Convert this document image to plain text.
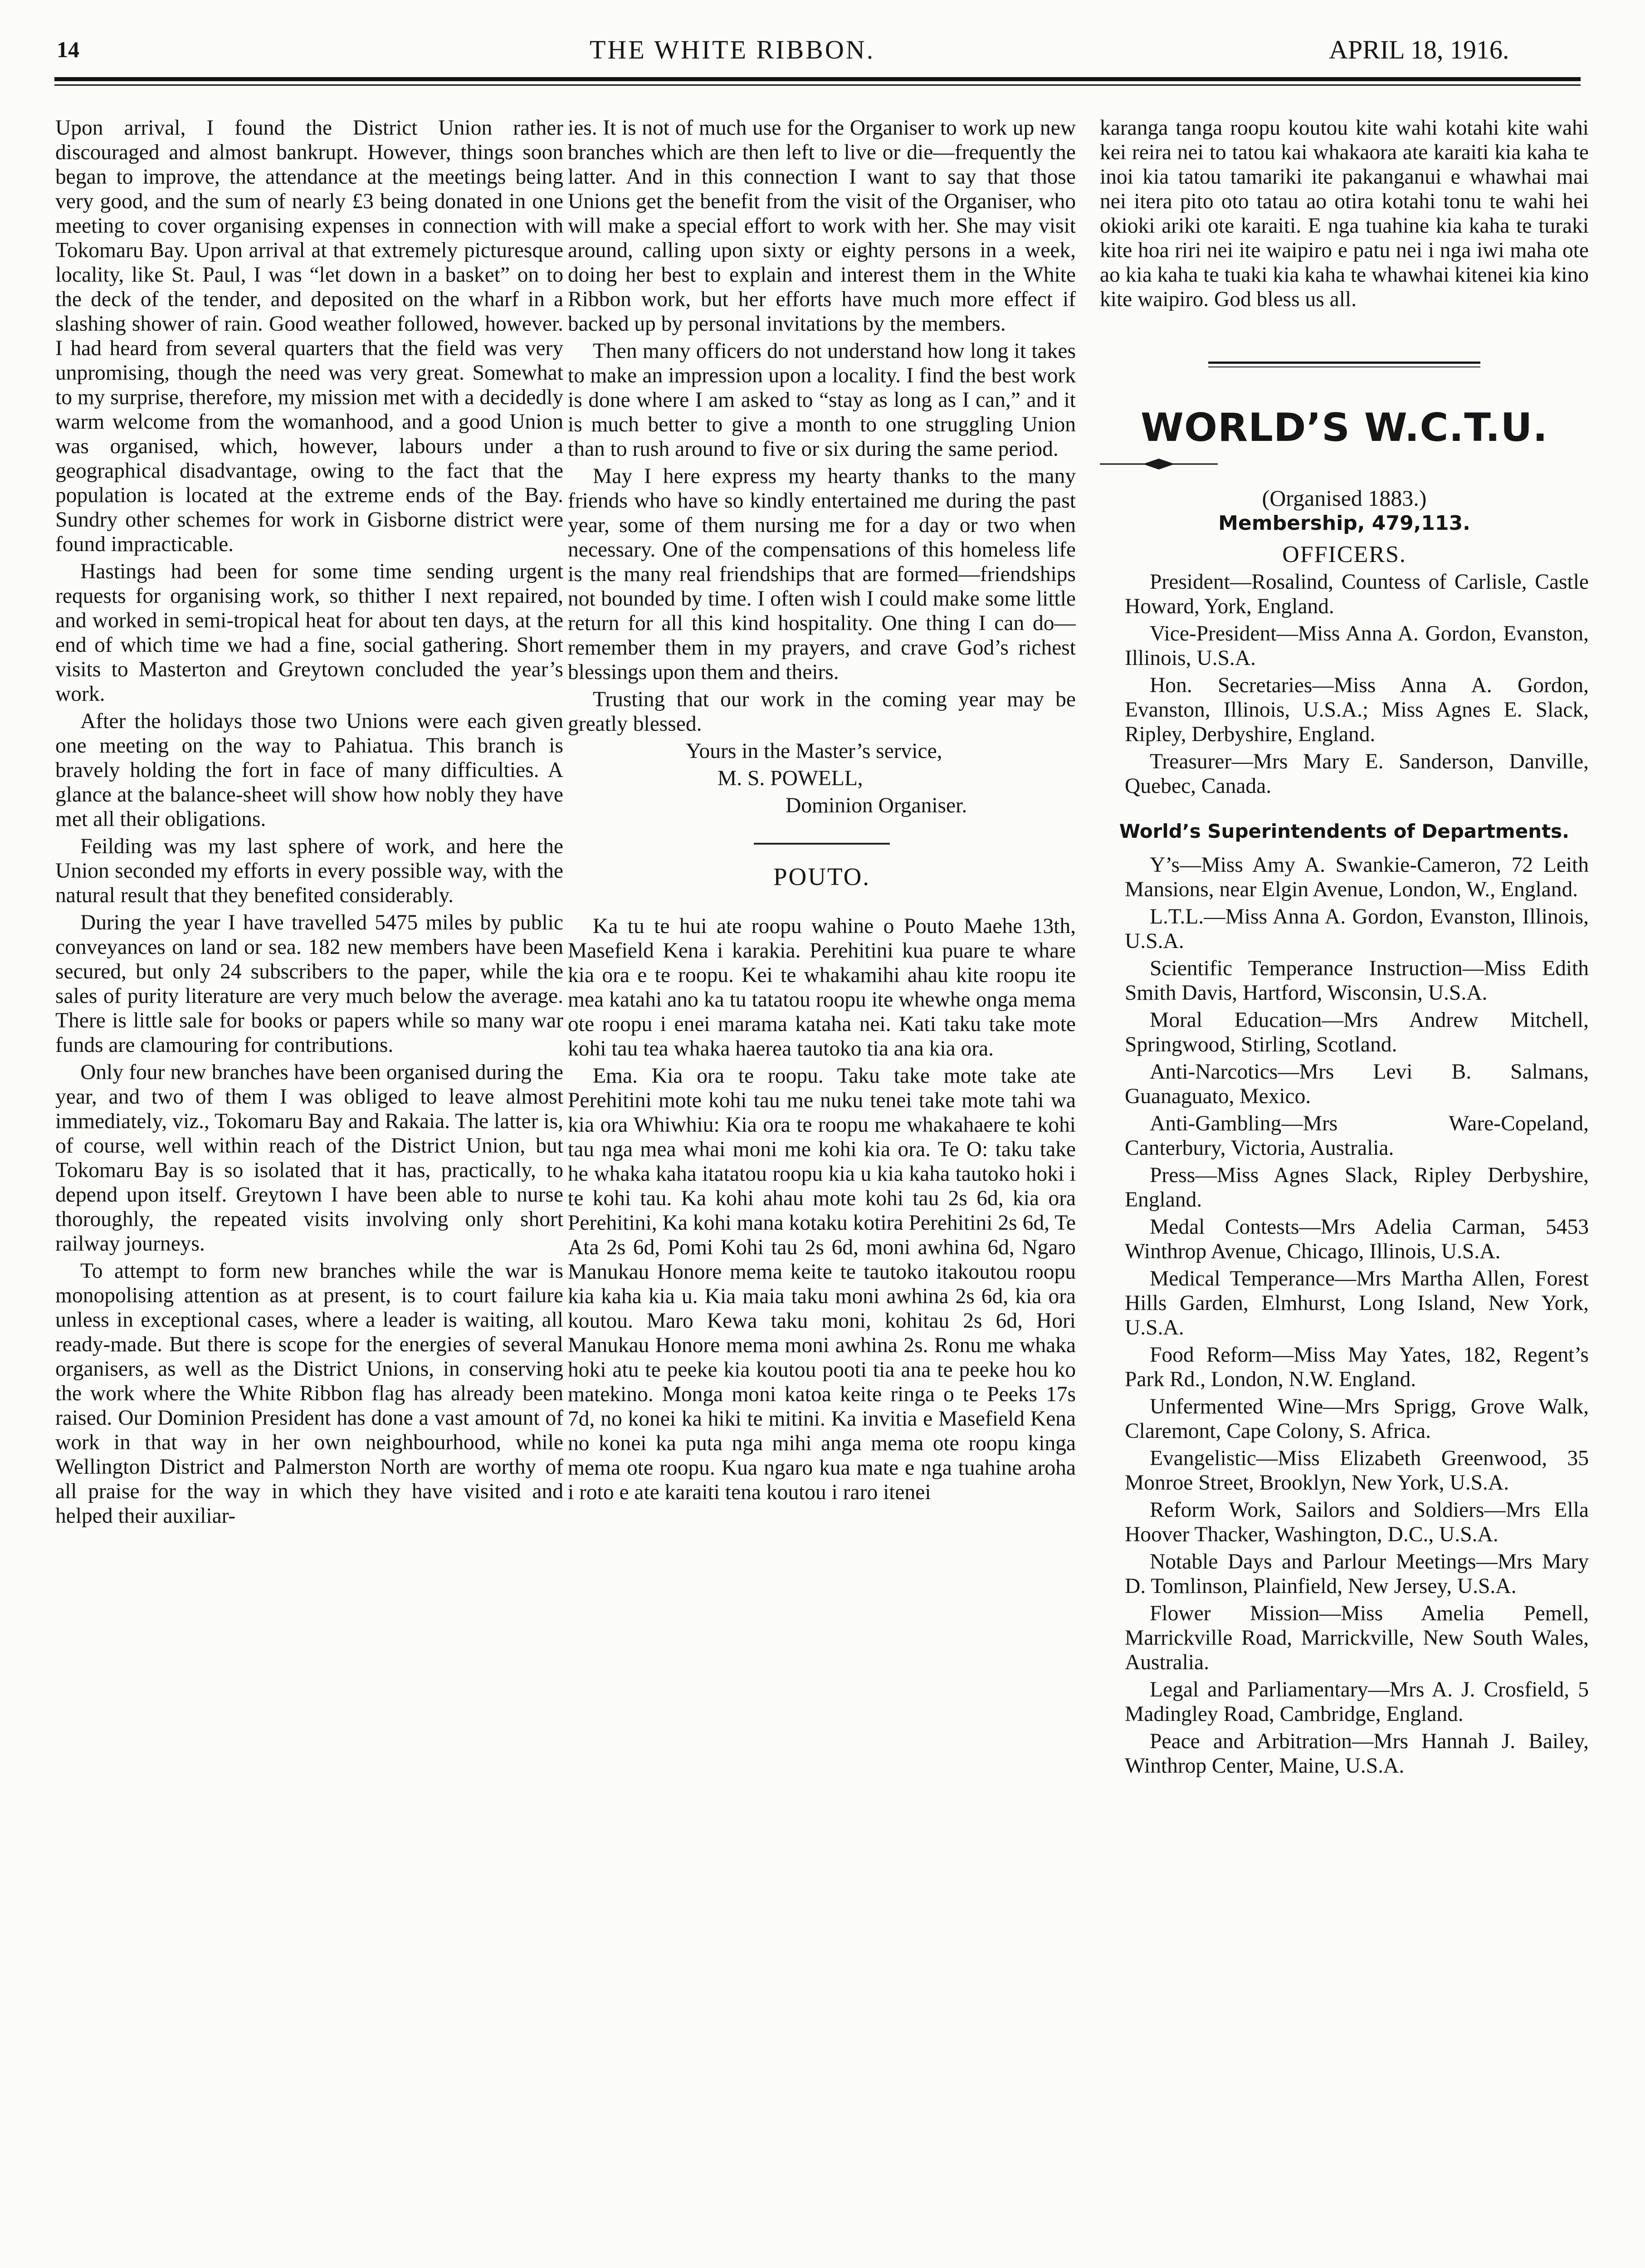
14	THE WHITE RIBBON.	APRIL 18, 1916.

Upon arrival, I found the District Union rather discouraged and almost bankrupt. However, things soon began to improve, the attendance at the meetings being very good, and the sum of nearly £3 being donated in one meeting to cover organising expenses in connection with Tokomaru Bay. Upon arrival at that extremely picturesque locality, like St. Paul, I was “let down in a basket” on to the deck of the tender, and deposited on the wharf in a slashing shower of rain. Good weather followed, however. I had heard from several quarters that the field was very unpromising, though the need was very great. Somewhat to my surprise, therefore, my mission met with a decidedly warm welcome from the womanhood, and a good Union was organised, which, however, labours under a geographical disadvantage, owing to the fact that the population is located at the extreme ends of the Bay. Sundry other schemes for work in Gisborne district were found impracticable.

Hastings had been for some time sending urgent requests for organising work, so thither I next repaired, and worked in semi-tropical heat for about ten days, at the end of which time we had a fine, social gathering. Short visits to Masterton and Greytown concluded the year’s work.

After the holidays those two Unions were each given one meeting on the way to Pahiatua. This branch is bravely holding the fort in face of many difficulties. A glance at the balance-sheet will show how nobly they have met all their obligations.

Feilding was my last sphere of work, and here the Union seconded my efforts in every possible way, with the natural result that they benefited considerably.

During the year I have travelled 5475 miles by public conveyances on land or sea. 182 new members have been secured, but only 24 subscribers to the paper, while the sales of purity literature are very much below the average. There is little sale for books or papers while so many war funds are clamouring for contributions.

Only four new branches have been organised during the year, and two of them I was obliged to leave almost immediately, viz., Tokomaru Bay and Rakaia. The latter is, of course, well within reach of the District Union, but Tokomaru Bay is so isolated that it has, practically, to depend upon itself. Greytown I have been able to nurse thoroughly, the repeated visits involving only short railway journeys.

To attempt to form new branches while the war is monopolising attention as at present, is to court failure unless in exceptional cases, where a leader is waiting, all ready-made. But there is scope for the energies of several organisers, as well as the District Unions, in conserving the work where the White Ribbon flag has already been raised. Our Dominion President has done a vast amount of work in that way in her own neighbourhood, while Wellington District and Palmerston North are worthy of all praise for the way in which they have visited and helped their auxiliar-

ies. It is not of much use for the Organiser to work up new branches which are then left to live or die—frequently the latter. And in this connection I want to say that those Unions get the benefit from the visit of the Organiser, who will make a special effort to work with her. She may visit around, calling upon sixty or eighty persons in a week, doing her best to explain and interest them in the White Ribbon work, but her efforts have much more effect if backed up by personal invitations by the members.

Then many officers do not understand how long it takes to make an impression upon a locality. I find the best work is done where I am asked to “stay as long as I can,” and it is much better to give a month to one struggling Union than to rush around to five or six during the same period.

May I here express my hearty thanks to the many friends who have so kindly entertained me during the past year, some of them nursing me for a day or two when necessary. One of the compensations of this homeless life is the many real friendships that are formed—friendships not bounded by time. I often wish I could make some little return for all this kind hospitality. One thing I can do—remember them in my prayers, and crave God’s richest blessings upon them and theirs.

Trusting that our work in the coming year may be greatly blessed.

Yours in the Master’s service,

M. S. POWELL,

Dominion Organiser.

POUTO.

Ka tu te hui ate roopu wahine o Pouto Maehe 13th, Masefield Kena i karakia. Perehitini kua puare te whare kia ora e te roopu. Kei te whakamihi ahau kite roopu ite mea katahi ano ka tu tatatou roopu ite whewhe onga mema ote roopu i enei marama kataha nei. Kati taku take mote kohi tau tea whaka haerea tautoko tia ana kia ora.

Ema. Kia ora te roopu. Taku take mote take ate Perehitini mote kohi tau me nuku tenei take mote tahi wa kia ora Whiwhiu: Kia ora te roopu me whakahaere te kohi tau nga mea whai moni me kohi kia ora. Te O: taku take he whaka kaha itatatou roopu kia u kia kaha tautoko hoki i te kohi tau. Ka kohi ahau mote kohi tau 2s 6d, kia ora Perehitini, Ka kohi mana kotaku kotira Perehitini 2s 6d, Te Ata 2s 6d, Pomi Kohi tau 2s 6d, moni awhina 6d, Ngaro Manukau Honore mema keite te tautoko itakoutou roopu kia kaha kia u. Kia maia taku moni awhina 2s 6d, kia ora koutou. Maro Kewa taku moni, kohitau 2s 6d, Hori Manukau Honore mema moni awhina 2s. Ronu me whaka hoki atu te peeke kia koutou pooti tia ana te peeke hou ko matekino. Monga moni katoa keite ringa o te Peeks 17s 7d, no konei ka hiki te mitini. Ka invitia e Masefield Kena no konei ka puta nga mihi anga mema ote roopu kinga mema ote roopu. Kua ngaro kua mate e nga tuahine aroha i roto e ate karaiti tena koutou i raro itenei

karanga tanga roopu koutou kite wahi kotahi kite wahi kei reira nei to tatou kai whakaora ate karaiti kia kaha te inoi kia tatou tamariki ite pakanganui e whawhai mai nei itera pito oto tatau ao otira kotahi tonu te wahi hei okioki ariki ote karaiti. E nga tuahine kia kaha te turaki kite hoa riri nei ite waipiro e patu nei i nga iwi maha ote ao kia kaha te tuaki kia kaha te whawhai kitenei kia kino kite waipiro. God bless us all.

WORLD’S W.C.T.U.
(Organised 1883.)
Membership, 479,113.
OFFICERS.

President—Rosalind, Countess of Carlisle, Castle Howard, York, England.

Vice-President—Miss Anna A. Gordon, Evanston, Illinois, U.S.A.

Hon. Secretaries—Miss Anna A. Gordon, Evanston, Illinois, U.S.A.; Miss Agnes E. Slack, Ripley, Derbyshire, England.

Treasurer—Mrs Mary E. Sanderson, Danville, Quebec, Canada.

World’s Superintendents of Departments.

Y’s—Miss Amy A. Swankie-Cameron, 72 Leith Mansions, near Elgin Avenue, London, W., England.

L.T.L.—Miss Anna A. Gordon, Evanston, Illinois, U.S.A.

Scientific Temperance Instruction—Miss Edith Smith Davis, Hartford, Wisconsin, U.S.A.

Moral Education—Mrs Andrew Mitchell, Springwood, Stirling, Scotland.

Anti-Narcotics—Mrs Levi B. Salmans, Guanaguato, Mexico.

Anti-Gambling—Mrs Ware-Copeland, Canterbury, Victoria, Australia.

Press—Miss Agnes Slack, Ripley Derbyshire, England.

Medal Contests—Mrs Adelia Carman, 5453 Winthrop Avenue, Chicago, Illinois, U.S.A.

Medical Temperance—Mrs Martha Allen, Forest Hills Garden, Elmhurst, Long Island, New York, U.S.A.

Food Reform—Miss May Yates, 182, Regent’s Park Rd., London, N.W. England.

Unfermented Wine—Mrs Sprigg, Grove Walk, Claremont, Cape Colony, S. Africa.

Evangelistic—Miss Elizabeth Greenwood, 35 Monroe Street, Brooklyn, New York, U.S.A.

Reform Work, Sailors and Soldiers—Mrs Ella Hoover Thacker, Washington, D.C., U.S.A.

Notable Days and Parlour Meetings—Mrs Mary D. Tomlinson, Plainfield, New Jersey, U.S.A.

Flower Mission—Miss Amelia Pemell, Marrickville Road, Marrickville, New South Wales, Australia.

Legal and Parliamentary—Mrs A. J. Crosfield, 5 Madingley Road, Cambridge, England.

Peace and Arbitration—Mrs Hannah J. Bailey, Winthrop Center, Maine, U.S.A.
